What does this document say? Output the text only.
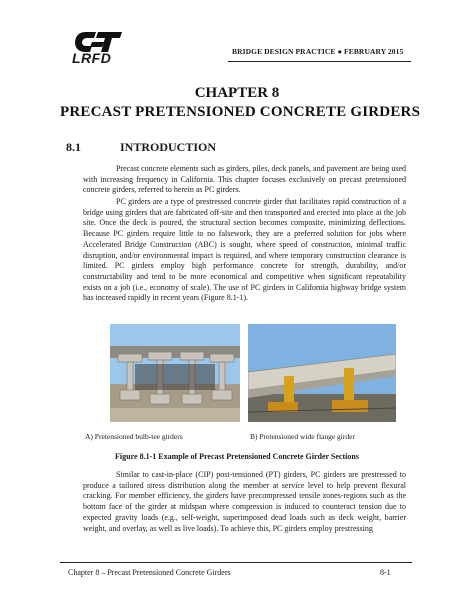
LRFD	BRIDGE DESIGN PRACTICE ● FEBRUARY 2015
CHAPTER 8
PRECAST PRETENSIONED CONCRETE GIRDERS
8.1	INTRODUCTION

Precast concrete elements such as girders, piles, deck panels, and pavement are being used with increasing frequency in California. This chapter focuses exclusively on precast pretensioned concrete girders, referred to herein as PC girders.

PC girders are a type of prestressed concrete girder that facilitates rapid construction of a bridge using girders that are fabricated off-site and then transported and erected into place at the job site. Once the deck is poured, the structural section becomes composite, minimizing deflections. Because PC girders require little to no falsework, they are a preferred solution for jobs where Accelerated Bridge Construction (ABC) is sought, where speed of construction, minimal traffic disruption, and/or environmental impact is required, and where temporary construction clearance is limited. PC girders employ high performance concrete for strength, durability, and/or constructability and tend to be more economical and competitive when significant repeatability exists on a job (i.e., economy of scale). The use of PC girders in California highway bridge system has increased rapidly in recent years (Figure 8.1-1).

A) Pretensioned bulb-tee girders	B) Pretensioned wide flange girder
Figure 8.1-1 Example of Precast Pretensioned Concrete Girder Sections

Similar to cast-in-place (CIP) post-tensioned (PT) girders, PC girders are prestressed to produce a tailored stress distribution along the member at service level to help prevent flexural cracking. For member efficiency, the girders have precompressed tensile zones-regions such as the bottom face of the girder at midspan where compression is induced to counteract tension due to expected gravity loads (e.g., self-weight, superimposed dead loads such as deck weight, barrier weight, and overlay, as well as live loads). To achieve this, PC girders employ prestressing

Chapter 8 – Precast Pretensioned Concrete Girders	8-1
